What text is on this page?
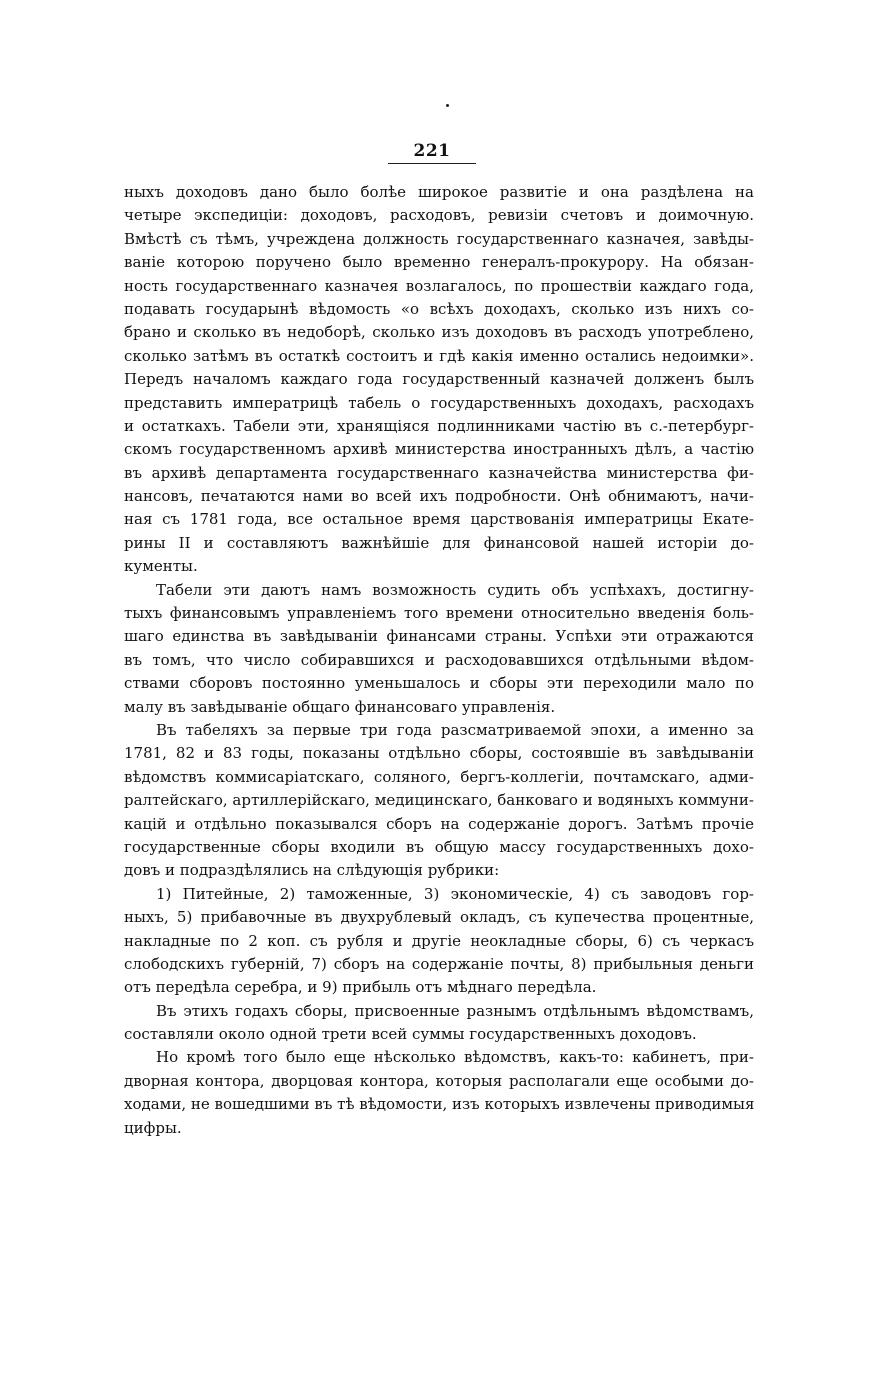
221
ныхъ доходовъ дано было болѣе широкое развитіе и она раздѣлена на
четыре экспедиціи: доходовъ, расходовъ, ревизіи счетовъ и доимочную.
Вмѣстѣ съ тѣмъ, учреждена должность государственнаго казначея, завѣды-
ваніе которою поручено было временно генералъ-прокурору. На обязан-
ность государственнаго казначея возлагалось, по прошествіи каждаго года,
подавать государынѣ вѣдомость «о всѣхъ доходахъ, сколько изъ нихъ со-
брано и сколько въ недоборѣ, сколько изъ доходовъ въ расходъ употреблено,
сколько затѣмъ въ остаткѣ состоитъ и гдѣ какія именно остались недоимки».
Передъ началомъ каждаго года государственный казначей долженъ былъ
представить императрицѣ табель о государственныхъ доходахъ, расходахъ
и остаткахъ. Табели эти, хранящіяся подлинниками частію въ с.-петербург-
скомъ государственномъ архивѣ министерства иностранныхъ дѣлъ, а частію
въ архивѣ департамента государственнаго казначейства министерства фи-
нансовъ, печатаются нами во всей ихъ подробности. Онѣ обнимаютъ, начи-
ная съ 1781 года, все остальное время царствованія императрицы Екате-
рины II и составляютъ важнѣйшіе для финансовой нашей исторіи до-
кументы.
Табели эти даютъ намъ возможность судить объ успѣхахъ, достигну-
тыхъ финансовымъ управленіемъ того времени относительно введенія боль-
шаго единства въ завѣдываніи финансами страны. Успѣхи эти отражаются
въ томъ, что число собиравшихся и расходовавшихся отдѣльными вѣдом-
ствами сборовъ постоянно уменьшалось и сборы эти переходили мало по
малу въ завѣдываніе общаго финансоваго управленія.
Въ табеляхъ за первые три года разсматриваемой эпохи, а именно за
1781, 82 и 83 годы, показаны отдѣльно сборы, состоявшіе въ завѣдываніи
вѣдомствъ коммисаріатскаго, соляного, бергъ-коллегіи, почтамскаго, адми-
ралтейскаго, артиллерійскаго, медицинскаго, банковаго и водяныхъ коммуни-
кацій и отдѣльно показывался сборъ на содержаніе дорогъ. Затѣмъ прочіе
государственные сборы входили въ общую массу государственныхъ дохо-
довъ и подраздѣлялись на слѣдующія рубрики:
1) Питейные, 2) таможенные, 3) экономическіе, 4) съ заводовъ гор-
ныхъ, 5) прибавочные въ двухрублевый окладъ, съ купечества процентные,
накладные по 2 коп. съ рубля и другіе неокладные сборы, 6) съ черкасъ
слободскихъ губерній, 7) сборъ на содержаніе почты, 8) прибыльныя деньги
отъ передѣла серебра, и 9) прибыль отъ мѣднаго передѣла.
Въ этихъ годахъ сборы, присвоенные разнымъ отдѣльнымъ вѣдомствамъ,
составляли около одной трети всей суммы государственныхъ доходовъ.
Но кромѣ того было еще нѣсколько вѣдомствъ, какъ-то: кабинетъ, при-
дворная контора, дворцовая контора, которыя располагали еще особыми до-
ходами, не вошедшими въ тѣ вѣдомости, изъ которыхъ извлечены приводимыя
цифры.
